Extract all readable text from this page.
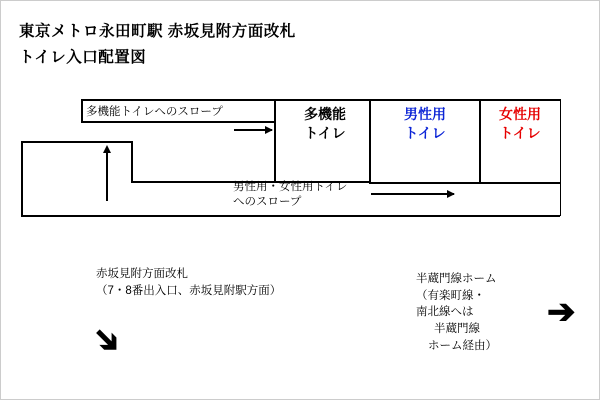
東京メトロ永田町駅 赤坂見附方面改札
トイレ入口配置図
多機能トイレへのスロープ
男性用・女性用トイレ
へのスロープ
多機能
トイレ
男性用
トイレ
女性用
トイレ
赤坂見附方面改札
（7・8番出入口、赤坂見附駅方面）
半蔵門線ホーム
（有楽町線・
南北線へは
半蔵門線
ホーム経由）
➔
➔
